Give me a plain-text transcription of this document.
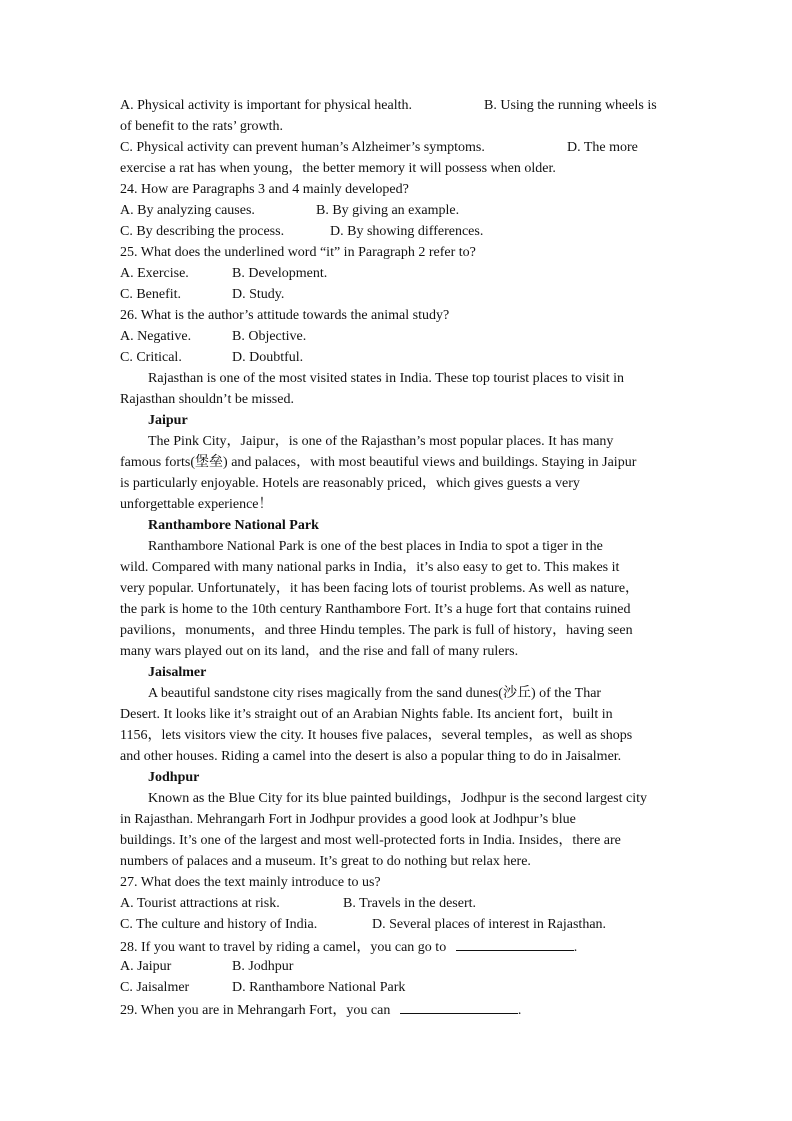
A. Physical activity is important for physical health.	B. Using the running wheels is
of benefit to the rats’ growth.
C. Physical activity can prevent human’s Alzheimer’s symptoms.	D. The more
exercise a rat has when young，the better memory it will possess when older.
24. How are Paragraphs 3 and 4 mainly developed?
A. By analyzing causes.	B. By giving an example.
C. By describing the process.	D. By showing differences.
25. What does the underlined word “it” in Paragraph 2 refer to?
A. Exercise.	B. Development.
C. Benefit.	D. Study.
26. What is the author’s attitude towards the animal study?
A. Negative.	B. Objective.
C. Critical.	D. Doubtful.
Rajasthan is one of the most visited states in India. These top tourist places to visit in
Rajasthan shouldn’t be missed.
Jaipur
The Pink City，Jaipur，is one of the Rajasthan’s most popular places. It has many
famous forts(堡垒) and palaces，with most beautiful views and buildings. Staying in Jaipur
is particularly enjoyable. Hotels are reasonably priced，which gives guests a very
unforgettable experience！
Ranthambore National Park
Ranthambore National Park is one of the best places in India to spot a tiger in the
wild. Compared with many national parks in India，it’s also easy to get to. This makes it
very popular. Unfortunately，it has been facing lots of tourist problems. As well as nature，
the park is home to the 10th century Ranthambore Fort. It’s a huge fort that contains ruined
pavilions，monuments，and three Hindu temples. The park is full of history，having seen
many wars played out on its land，and the rise and fall of many rulers.
Jaisalmer
A beautiful sandstone city rises magically from the sand dunes(沙丘) of the Thar
Desert. It looks like it’s straight out of an Arabian Nights fable. Its ancient fort，built in
1156，lets visitors view the city. It houses five palaces，several temples，as well as shops
and other houses. Riding a camel into the desert is also a popular thing to do in Jaisalmer.
Jodhpur
Known as the Blue City for its blue painted buildings，Jodhpur is the second largest city
in Rajasthan. Mehrangarh Fort in Jodhpur provides a good look at Jodhpur’s blue
buildings. It’s one of the largest and most well-protected forts in India. Insides，there are
numbers of palaces and a museum. It’s great to do nothing but relax here.
27. What does the text mainly introduce to us?
A. Tourist attractions at risk.	B. Travels in the desert.
C. The culture and history of India.	D. Several places of interest in Rajasthan.
28. If you want to travel by riding a camel，you can go to	.
A. Jaipur	B. Jodhpur
C. Jaisalmer	D. Ranthambore National Park
29. When you are in Mehrangarh Fort，you can	.
